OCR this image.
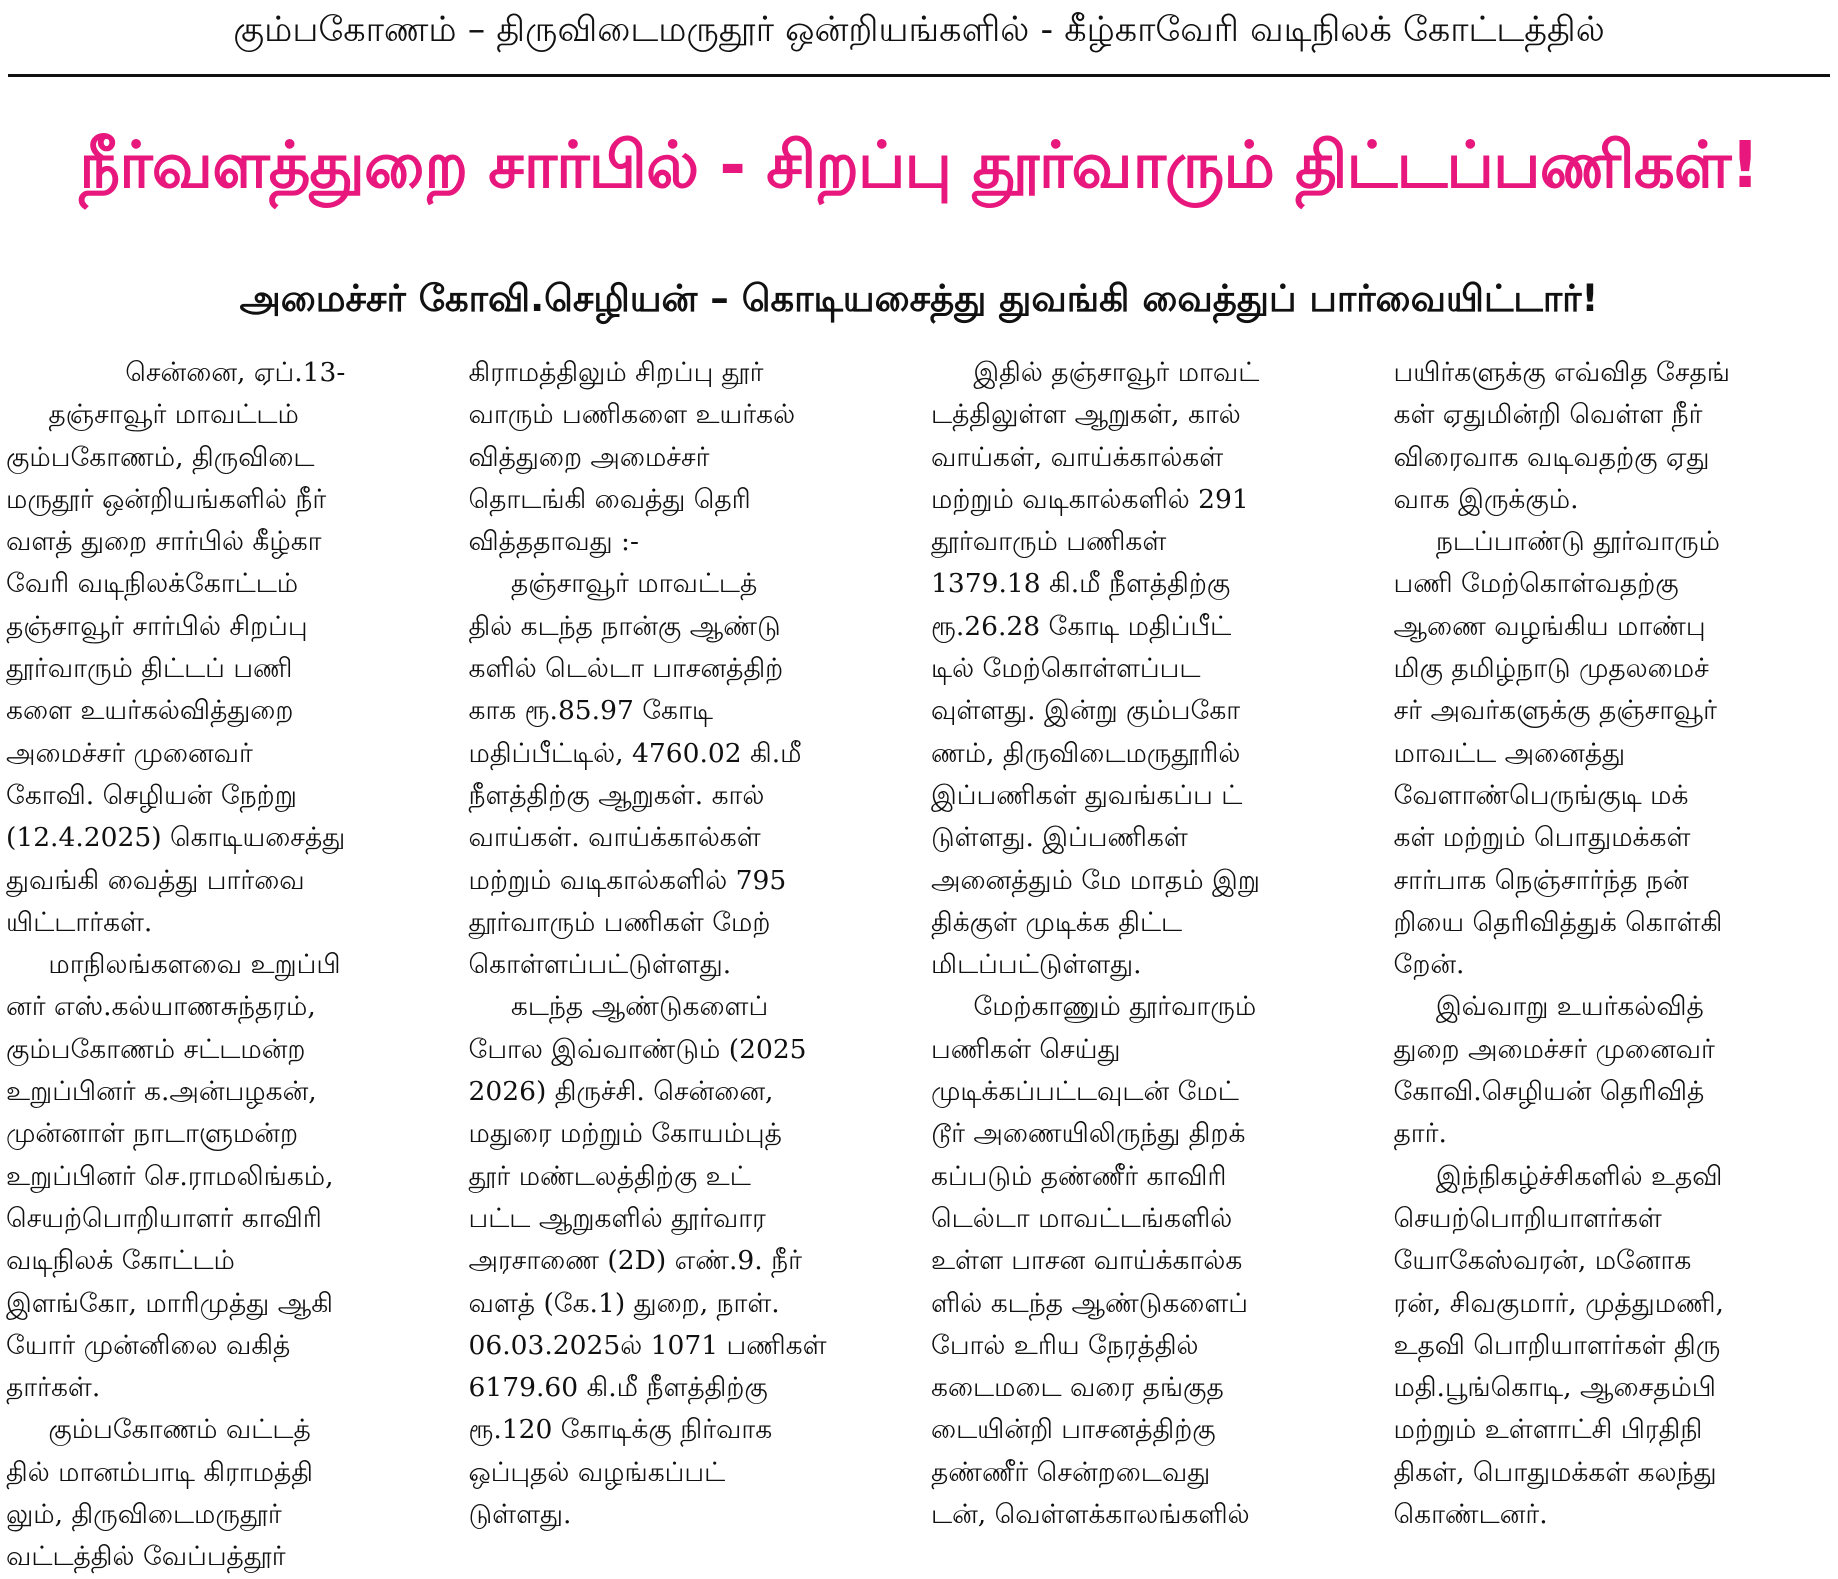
கும்பகோணம் – திருவிடைமருதூர் ஒன்றியங்களில் - கீழ்காவேரி வடிநிலக் கோட்டத்தில்
நீர்வளத்துறை சார்பில் - சிறப்பு தூர்வாரும் திட்டப்பணிகள்!
அமைச்சர் கோவி.செழியன் – கொடியசைத்து துவங்கி வைத்துப் பார்வையிட்டார்!
சென்னை, ஏப்.13-
தஞ்சாவூர் மாவட்டம்
கும்பகோணம், திருவிடை
மருதூர் ஒன்றியங்களில் நீர்
வளத் துறை சார்பில் கீழ்கா
வேரி வடிநிலக்கோட்டம்
தஞ்சாவூர் சார்பில் சிறப்பு
தூர்வாரும் திட்டப் பணி
களை உயர்கல்வித்துறை
அமைச்சர் முனைவர்
கோவி. செழியன் நேற்று
(12.4.2025) கொடியசைத்து
துவங்கி வைத்து பார்வை
யிட்டார்கள்.
மாநிலங்களவை உறுப்பி
னர் எஸ்.கல்யாணசுந்தரம்,
கும்பகோணம் சட்டமன்ற
உறுப்பினர் க.அன்பழகன்,
முன்னாள் நாடாளுமன்ற
உறுப்பினர் செ.ராமலிங்கம்,
செயற்பொறியாளர் காவிரி
வடிநிலக் கோட்டம்
இளங்கோ, மாரிமுத்து ஆகி
யோர் முன்னிலை வகித்
தார்கள்.
கும்பகோணம் வட்டத்
தில் மானம்பாடி கிராமத்தி
லும், திருவிடைமருதூர்
வட்டத்தில் வேப்பத்தூர்
கிராமத்திலும் சிறப்பு தூர்
வாரும் பணிகளை உயர்கல்
வித்துறை அமைச்சர்
தொடங்கி வைத்து தெரி
வித்ததாவது :-
தஞ்சாவூர் மாவட்டத்
தில் கடந்த நான்கு ஆண்டு
களில் டெல்டா பாசனத்திற்
காக ரூ.85.97 கோடி
மதிப்பீட்டில், 4760.02 கி.மீ
நீளத்திற்கு ஆறுகள். கால்
வாய்கள். வாய்க்கால்கள்
மற்றும் வடிகால்களில் 795
தூர்வாரும் பணிகள் மேற்
கொள்ளப்பட்டுள்ளது.
கடந்த ஆண்டுகளைப்
போல இவ்வாண்டும் (2025
2026) திருச்சி. சென்னை,
மதுரை மற்றும் கோயம்புத்
தூர் மண்டலத்திற்கு உட்
பட்ட ஆறுகளில் தூர்வார
அரசாணை (2D) எண்.9. நீர்
வளத் (கே.1) துறை, நாள்.
06.03.2025ல் 1071 பணிகள்
6179.60 கி.மீ நீளத்திற்கு
ரூ.120 கோடிக்கு நிர்வாக
ஒப்புதல் வழங்கப்பட்
டுள்ளது.
இதில் தஞ்சாவூர் மாவட்
டத்திலுள்ள ஆறுகள், கால்
வாய்கள், வாய்க்கால்கள்
மற்றும் வடிகால்களில் 291
தூர்வாரும் பணிகள்
1379.18 கி.மீ நீளத்திற்கு
ரூ.26.28 கோடி மதிப்பீட்
டில் மேற்கொள்ளப்பட
வுள்ளது. இன்று கும்பகோ
ணம், திருவிடைமருதூரில்
இப்பணிகள் துவங்கப்ப ட்
டுள்ளது. இப்பணிகள்
அனைத்தும் மே மாதம் இறு
திக்குள் முடிக்க திட்ட
மிடப்பட்டுள்ளது.
மேற்காணும் தூர்வாரும்
பணிகள் செய்து
முடிக்கப்பட்டவுடன் மேட்
டூர் அணையிலிருந்து திறக்
கப்படும் தண்ணீர் காவிரி
டெல்டா மாவட்டங்களில்
உள்ள பாசன வாய்க்கால்க
ளில் கடந்த ஆண்டுகளைப்
போல் உரிய நேரத்தில்
கடைமடை வரை தங்குத
டையின்றி பாசனத்திற்கு
தண்ணீர் சென்றடைவது
டன், வெள்ளக்காலங்களில்
பயிர்களுக்கு எவ்வித சேதங்
கள் ஏதுமின்றி வெள்ள நீர்
விரைவாக வடிவதற்கு ஏது
வாக இருக்கும்.
நடப்பாண்டு தூர்வாரும்
பணி மேற்கொள்வதற்கு
ஆணை வழங்கிய மாண்பு
மிகு தமிழ்நாடு முதலமைச்
சர் அவர்களுக்கு தஞ்சாவூர்
மாவட்ட அனைத்து
வேளாண்பெருங்குடி மக்
கள் மற்றும் பொதுமக்கள்
சார்பாக நெஞ்சார்ந்த நன்
றியை தெரிவித்துக் கொள்கி
றேன்.
இவ்வாறு உயர்கல்வித்
துறை அமைச்சர் முனைவர்
கோவி.செழியன் தெரிவித்
தார்.
இந்நிகழ்ச்சிகளில் உதவி
செயற்பொறியாளர்கள்
யோகேஸ்வரன், மனோக
ரன், சிவகுமார், முத்துமணி,
உதவி பொறியாளர்கள் திரு
மதி.பூங்கொடி, ஆசைதம்பி
மற்றும் உள்ளாட்சி பிரதிநி
திகள், பொதுமக்கள் கலந்து
கொண்டனர்.
